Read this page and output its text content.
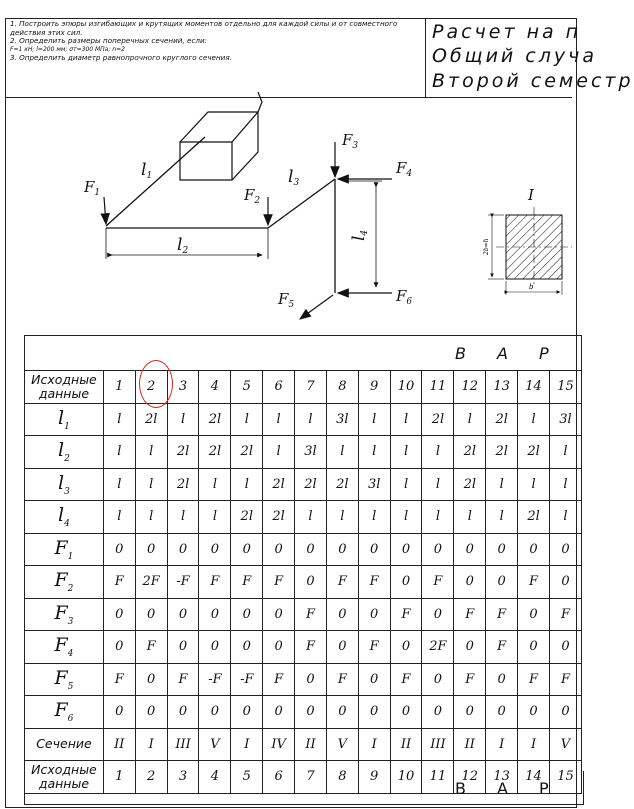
1. Построить эпюры изгибающих и крутящих моментов отдельно для каждой силы и от совместного действия этих сил.
2. Определить размеры поперечных сечений, если:
F=1 кН; l=200 мм; σт=300 МПа; n=2
3. Определить диаметр равнопрочного круглого сечения.
Расчет на п
Общий случа
Второй семестр
$F_1$
$l_1$
$l_2$
$F_2$
$l_3$
$F_3$
$F_4$
$l_4$
$F_5$	$F_6$
I
2b=h
b
В А Р															
Исходные данные	1	2	3	4	5	6	7	8	9	10	11	12	13	14	15
$l_1$	l	2l	l	2l	l	l	l	3l	l	l	2l	l	2l	l	3l
$l_2$	l	l	2l	2l	2l	l	3l	l	l	l	l	2l	2l	2l	l
$l_3$	l	l	2l	l	l	2l	2l	2l	3l	l	l	2l	l	l	l
$l_4$	l	l	l	l	2l	2l	l	l	l	l	l	l	l	2l	l
$F_1$	0	0	0	0	0	0	0	0	0	0	0	0	0	0	0
$F_2$	F	2F	-F	F	F	F	0	F	F	0	F	0	0	F	0
$F_3$	0	0	0	0	0	0	F	0	0	F	0	F	F	0	F
$F_4$	0	F	0	0	0	0	F	0	F	0	2F	0	F	0	0
$F_5$	F	0	F	-F	-F	F	0	F	0	F	0	F	0	F	F
$F_6$	0	0	0	0	0	0	0	0	0	0	0	0	0	0	0
Сечение	II	I	III	V	I	IV	II	V	I	II	III	II	I	I	V
Исходные данные	1	2	3	4	5	6	7	8	9	10	11	12	13	14	15
В А Р
